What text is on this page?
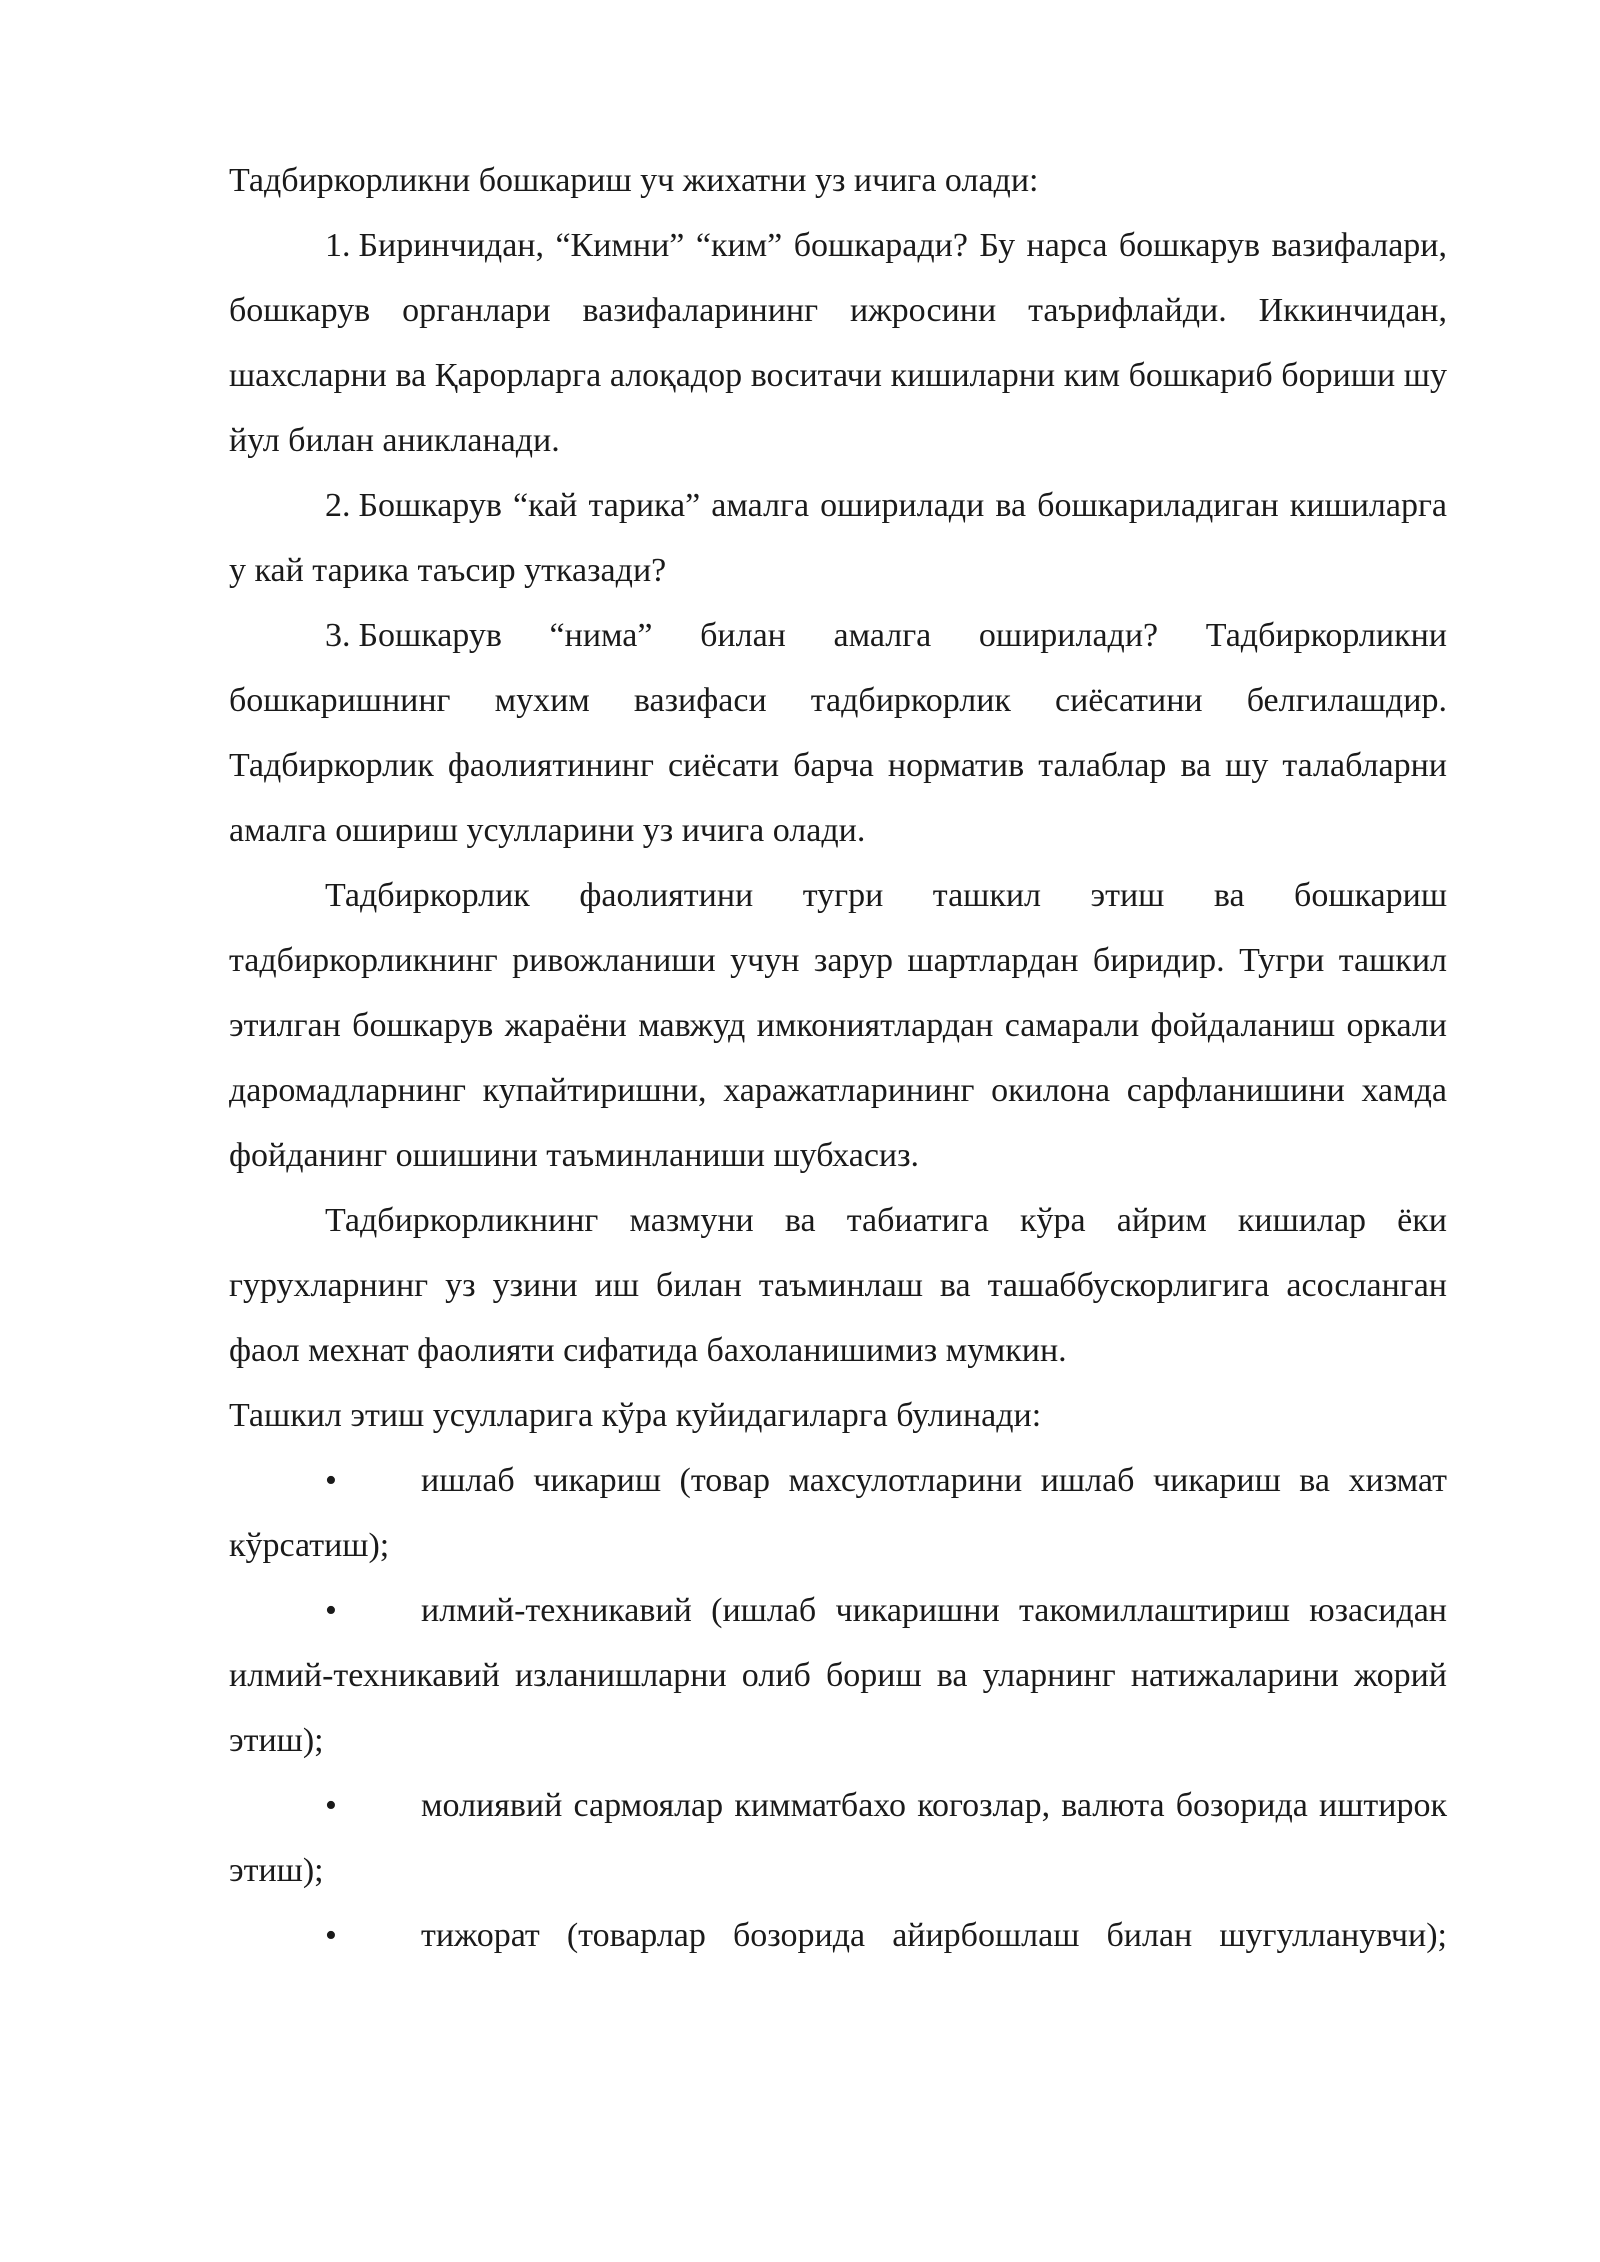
Тадбиркорликни бошкариш уч жихатни уз ичига олади:

1. Биринчидан, “Кимни” “ким” бошкаради? Бу нарса бошкарув вазифалари, бошкарув органлари вазифаларининг ижросини таърифлайди. Иккинчидан, шахсларни ва Қарорларга алоқадор воситачи кишиларни ким бошкариб бориши шу йул билан аникланади.

2. Бошкарув “кай тарика” амалга оширилади ва бошкариладиган кишиларга у кай тарика таъсир утказади?

3. Бошкарув “нима” билан амалга оширилади? Тадбиркорликни бошкаришнинг мухим вазифаси тадбиркорлик сиёсатини белгилашдир. Тадбиркорлик фаолиятининг сиёсати барча норматив талаблар ва шу талабларни амалга ошириш усулларини уз ичига олади.

Тадбиркорлик фаолиятини тугри ташкил этиш ва бошкариш тадбиркорликнинг ривожланиши учун зарур шартлардан биридир. Тугри ташкил этилган бошкарув жараёни мавжуд имкониятлардан самарали фойдаланиш оркали даромадларнинг купайтиришни, харажатларининг окилона сарфланишини хамда фойданинг ошишини таъминланиши шубхасиз.

Тадбиркорликнинг мазмуни ва табиатига кўра айрим кишилар ёки гурухларнинг уз узини иш билан таъминлаш ва ташаббускорлигига асосланган фаол мехнат фаолияти сифатида бахоланишимиз мумкин.

Ташкил этиш усулларига кўра куйидагиларга булинади:

• ишлаб чикариш (товар махсулотларини ишлаб чикариш ва хизмат кўрсатиш);

• илмий-техникавий (ишлаб чикаришни такомиллаштириш юзасидан илмий-техникавий изланишларни олиб бориш ва уларнинг натижаларини жорий этиш);

• молиявий сармоялар кимматбахо когозлар, валюта бозорида иштирок этиш);

• тижорат (товарлар бозорида айирбошлаш билан шугулланувчи);
